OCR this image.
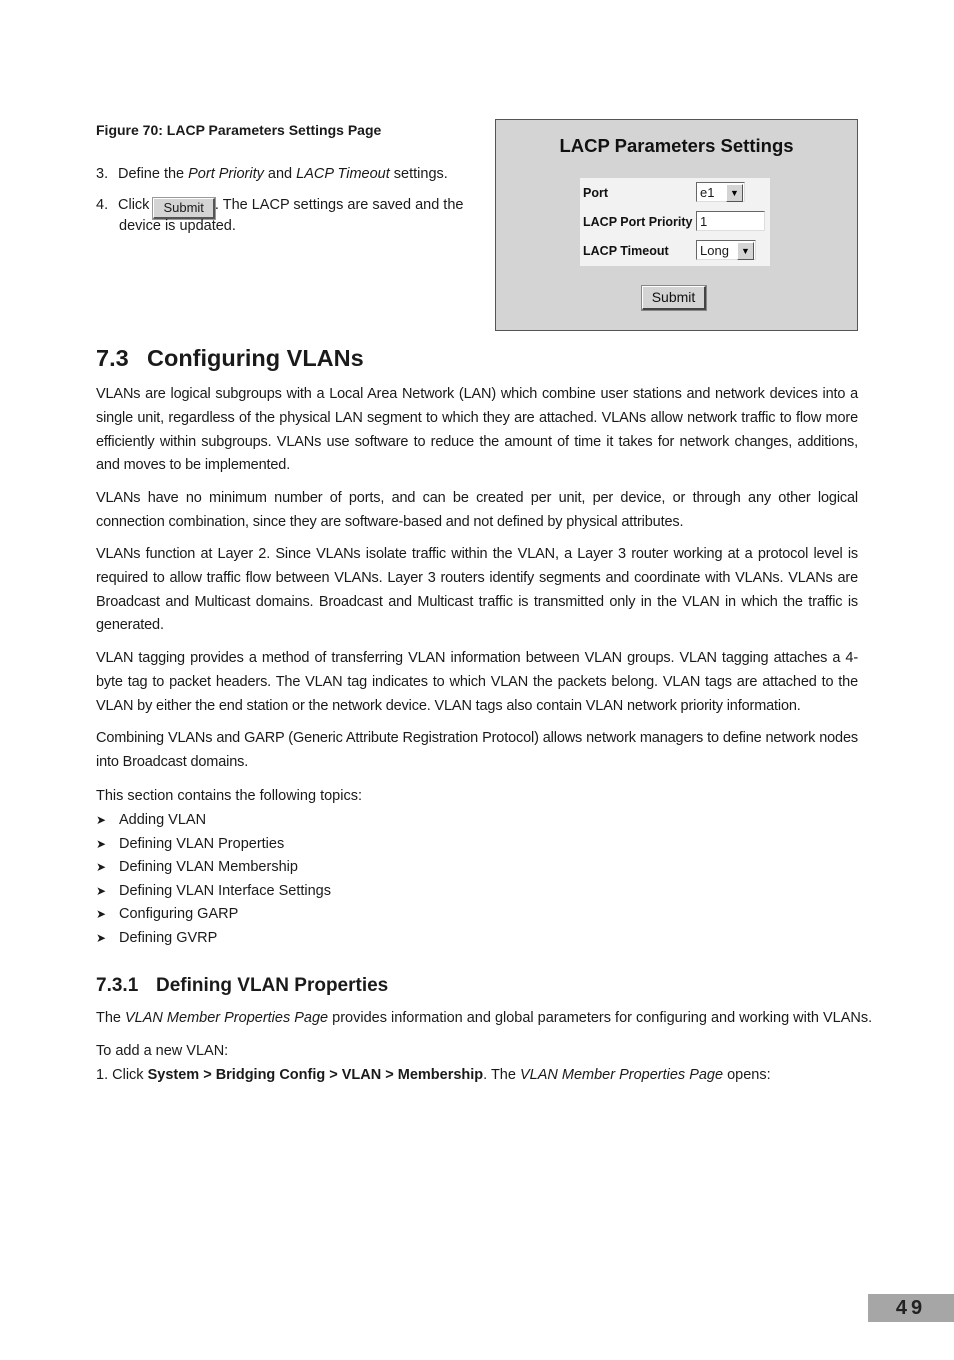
Figure 70: LACP Parameters Settings Page
3. Define the Port Priority and LACP Timeout settings.
4. Click Submit . The LACP settings are saved and the
device is updated.
LACP Parameters Settings
Port	e1	▼
LACP Port Priority 1
LACP Timeout	Long	▼
Submit
7.3 Configuring VLANs
VLANs are logical subgroups with a Local Area Network (LAN) which combine user stations and network devices into a single unit, regardless of the physical LAN segment to which they are attached. VLANs allow network traffic to flow more efficiently within subgroups. VLANs use software to reduce the amount of time it takes for network changes, additions, and moves to be implemented.
VLANs have no minimum number of ports, and can be created per unit, per device, or through any other logical connection combination, since they are software-based and not defined by physical attributes.
VLANs function at Layer 2. Since VLANs isolate traffic within the VLAN, a Layer 3 router working at a protocol level is required to allow traffic flow between VLANs. Layer 3 routers identify segments and coordinate with VLANs. VLANs are Broadcast and Multicast domains. Broadcast and Multicast traffic is transmitted only in the VLAN in which the traffic is generated.
VLAN tagging provides a method of transferring VLAN information between VLAN groups. VLAN tagging attaches a 4-byte tag to packet headers. The VLAN tag indicates to which VLAN the packets belong. VLAN tags are attached to the VLAN by either the end station or the network device. VLAN tags also contain VLAN network priority information.
Combining VLANs and GARP (Generic Attribute Registration Protocol) allows network managers to define network nodes into Broadcast domains.
This section contains the following topics:
➤ Adding VLAN
➤ Defining VLAN Properties
➤ Defining VLAN Membership
➤ Defining VLAN Interface Settings
➤ Configuring GARP
➤ Defining GVRP
7.3.1 Defining VLAN Properties
The VLAN Member Properties Page provides information and global parameters for configuring and working with VLANs.
To add a new VLAN:
1. Click System > Bridging Config > VLAN > Membership. The VLAN Member Properties Page opens:
49
